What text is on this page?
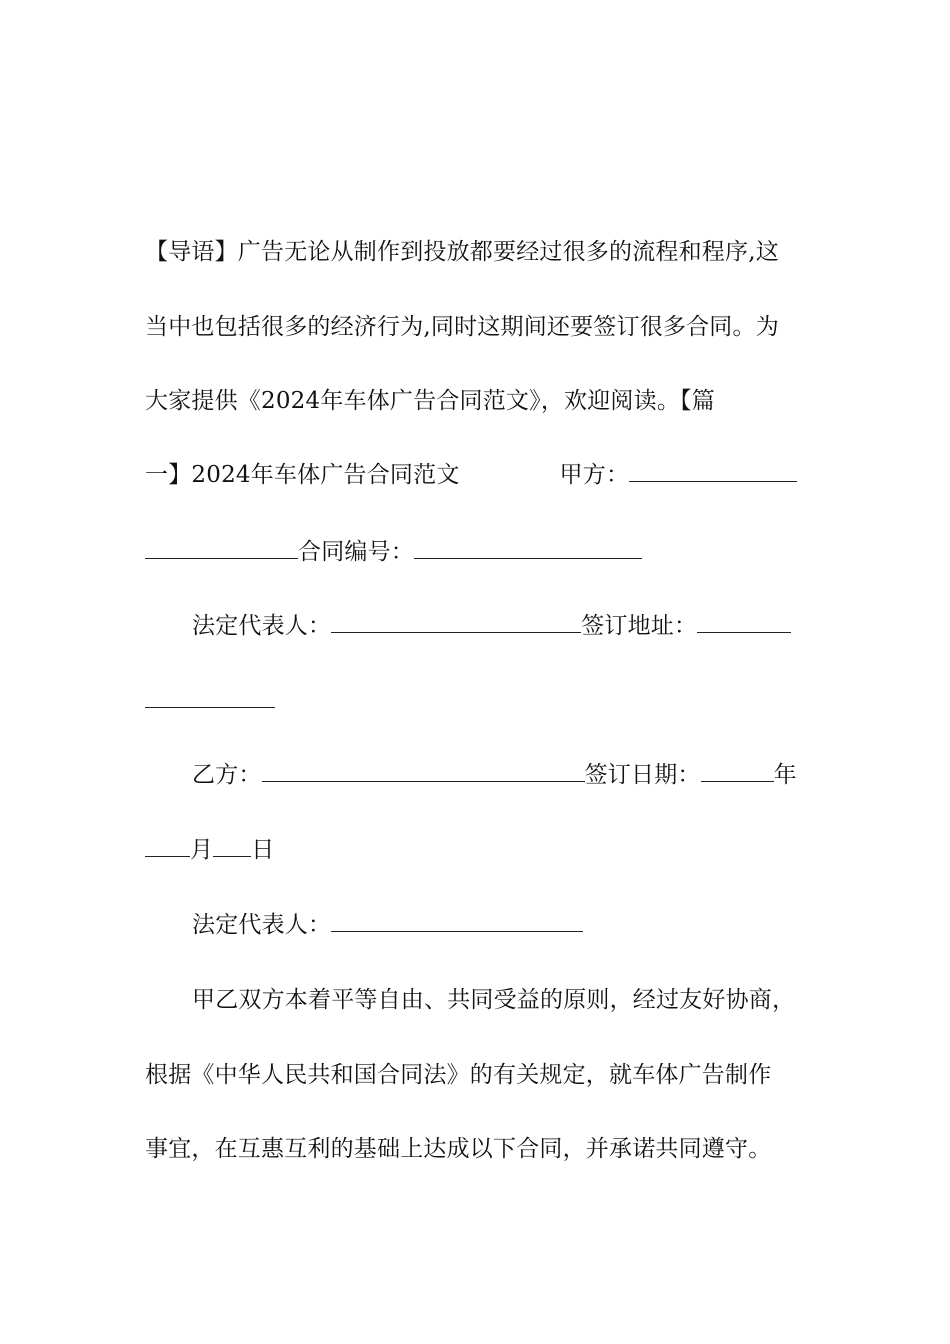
【导语】广告无论从制作到投放都要经过很多的流程和程序,这
当中也包括很多的经济行为,同时这期间还要签订很多合同。为
大家提供《2024年车体广告合同范文》，欢迎阅读。【篇
一】2024年车体广告合同范文	甲方：
合同编号：
法定代表人：	签订地址：
乙方：	签订日期：	年
月 日
法定代表人：
甲乙双方本着平等自由、共同受益的原则，经过友好协商，
根据《中华人民共和国合同法》的有关规定，就车体广告制作
事宜，在互惠互利的基础上达成以下合同，并承诺共同遵守。
